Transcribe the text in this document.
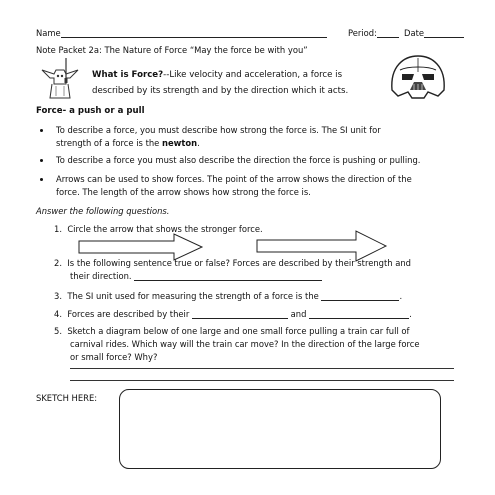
Name	Period:	Date
Note Packet 2a: The Nature of Force “May the force be with you”
What is Force?--Like velocity and acceleration, a force is
described by its strength and by the direction which it acts.
Force- a push or a pull
To describe a force, you must describe how strong the force is. The SI unit for
strength of a force is the newton.
To describe a force you must also describe the direction the force is pushing or pulling.
Arrows can be used to show forces. The point of the arrow shows the direction of the
force. The length of the arrow shows how strong the force is.
Answer the following questions.
1. Circle the arrow that shows the stronger force.
2. Is the following sentence true or false? Forces are described by their strength and
their direction.
3. The SI unit used for measuring the strength of a force is the	.
4. Forces are described by their	and	.
5. Sketch a diagram below of one large and one small force pulling a train car full of
carnival rides. Which way will the train car move? In the direction of the large force
or small force? Why?
SKETCH HERE:
